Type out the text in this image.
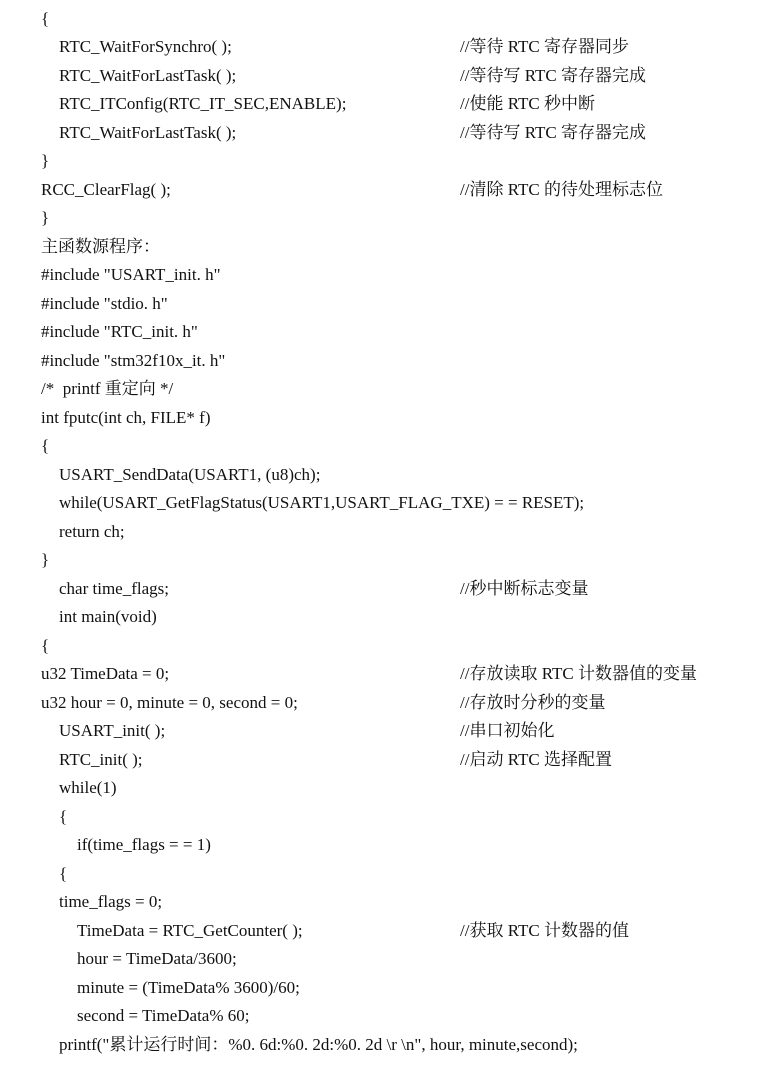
{
RTC_WaitForSynchro( );	//等待 RTC 寄存器同步
RTC_WaitForLastTask( );	//等待写 RTC 寄存器完成
RTC_ITConfig(RTC_IT_SEC,ENABLE);	//使能 RTC 秒中断
RTC_WaitForLastTask( );	//等待写 RTC 寄存器完成
}
RCC_ClearFlag( );	//清除 RTC 的待处理标志位
}
主函数源程序：
#include "USART_init. h"
#include "stdio. h"
#include "RTC_init. h"
#include "stm32f10x_it. h"
/*  printf 重定向 */
int fputc(int ch, FILE* f)
{
USART_SendData(USART1, (u8)ch);
while(USART_GetFlagStatus(USART1,USART_FLAG_TXE) = = RESET);
return ch;
}
char time_flags;	//秒中断标志变量
int main(void)
{
u32 TimeData = 0;	//存放读取 RTC 计数器值的变量
u32 hour = 0, minute = 0, second = 0;	//存放时分秒的变量
USART_init( );	//串口初始化
RTC_init( );	//启动 RTC 选择配置
while(1)
{
if(time_flags = = 1)
{
time_flags = 0;
TimeData = RTC_GetCounter( );	//获取 RTC 计数器的值
hour = TimeData/3600;
minute = (TimeData% 3600)/60;
second = TimeData% 60;
printf("累计运行时间：%0. 6d:%0. 2d:%0. 2d \r \n", hour, minute,second);
